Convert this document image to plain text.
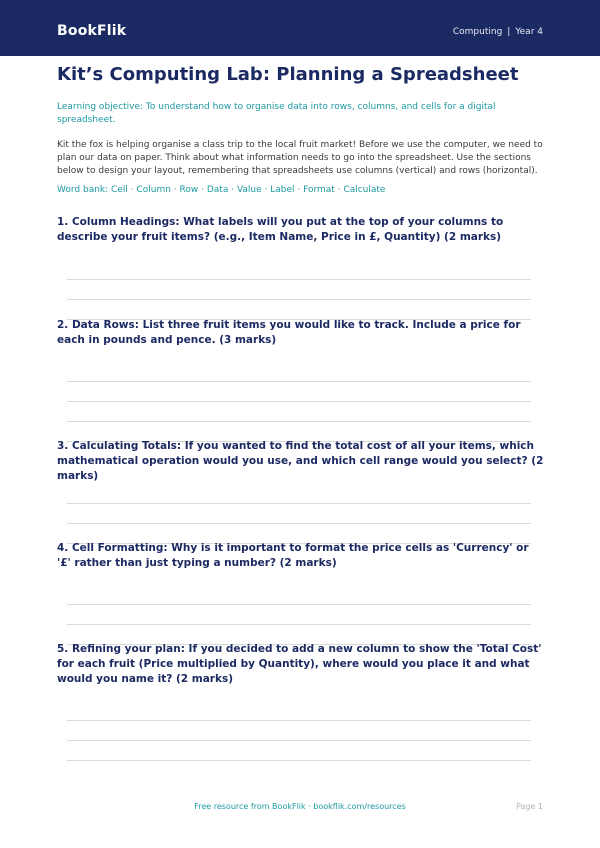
BookFlik	Computing | Year 4
Kit’s Computing Lab: Planning a Spreadsheet
Learning objective: To understand how to organise data into rows, columns, and cells for a digital spreadsheet.
Kit the fox is helping organise a class trip to the local fruit market! Before we use the computer, we need to plan our data on paper. Think about what information needs to go into the spreadsheet. Use the sections below to design your layout, remembering that spreadsheets use columns (vertical) and rows (horizontal).
Word bank: Cell · Column · Row · Data · Value · Label · Format · Calculate
1. Column Headings: What labels will you put at the top of your columns to describe your fruit items? (e.g., Item Name, Price in £, Quantity) (2 marks)
2. Data Rows: List three fruit items you would like to track. Include a price for each in pounds and pence. (3 marks)
3. Calculating Totals: If you wanted to find the total cost of all your items, which mathematical operation would you use, and which cell range would you select? (2 marks)
4. Cell Formatting: Why is it important to format the price cells as 'Currency' or '£' rather than just typing a number? (2 marks)
5. Refining your plan: If you decided to add a new column to show the 'Total Cost' for each fruit (Price multiplied by Quantity), where would you place it and what would you name it? (2 marks)
Free resource from BookFlik · bookflik.com/resources	Page 1
